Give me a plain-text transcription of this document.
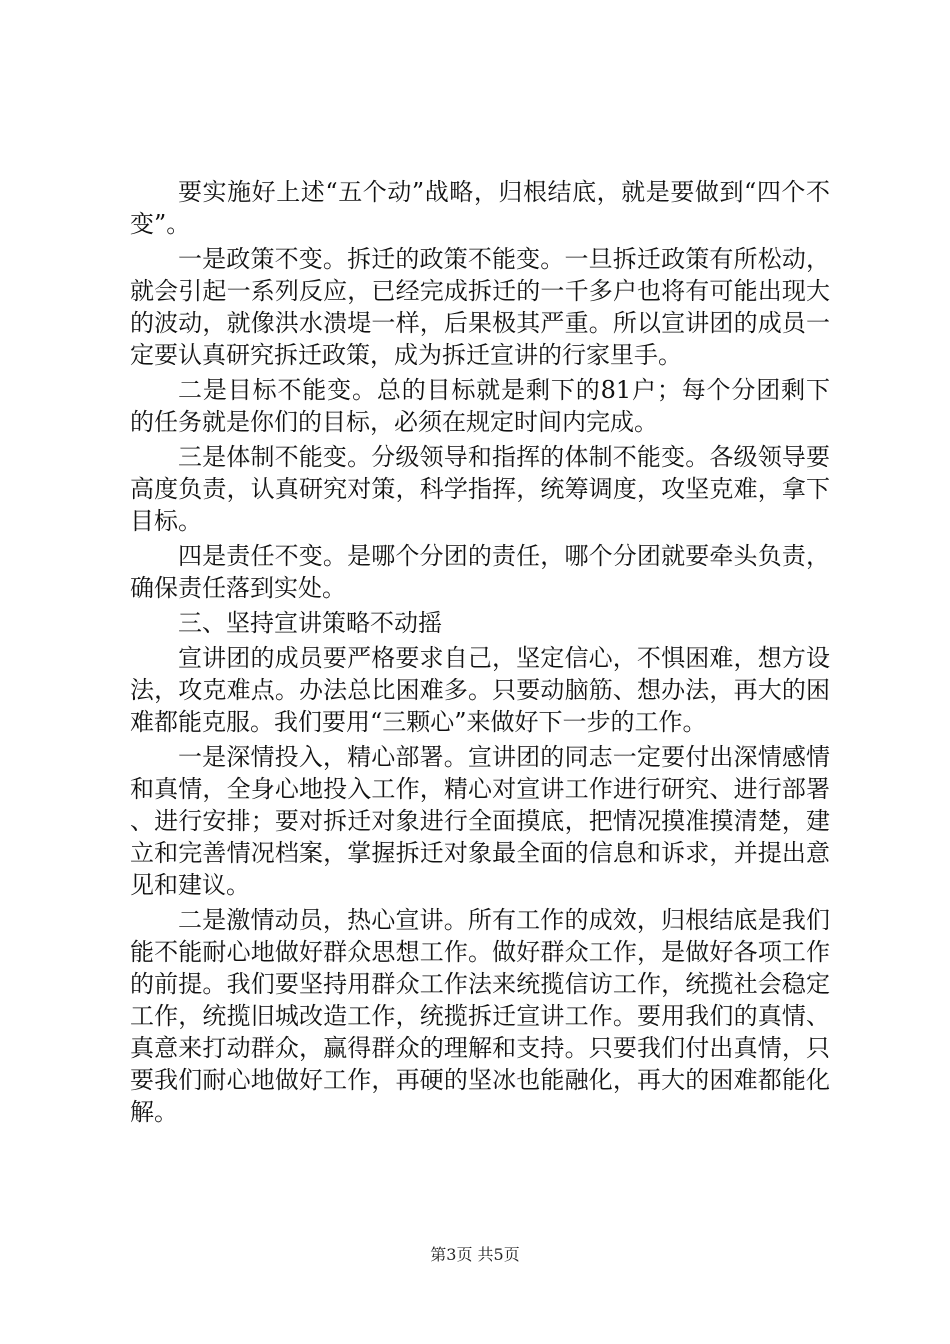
要实施好上述“五个动”战略，归根结底，就是要做到“四个不变”。

一是政策不变。拆迁的政策不能变。一旦拆迁政策有所松动，就会引起一系列反应，已经完成拆迁的一千多户也将有可能出现大的波动，就像洪水溃堤一样，后果极其严重。所以宣讲团的成员一定要认真研究拆迁政策，成为拆迁宣讲的行家里手。

二是目标不能变。总的目标就是剩下的81户；每个分团剩下的任务就是你们的目标，必须在规定时间内完成。

三是体制不能变。分级领导和指挥的体制不能变。各级领导要高度负责，认真研究对策，科学指挥，统筹调度，攻坚克难，拿下目标。

四是责任不变。是哪个分团的责任，哪个分团就要牵头负责，确保责任落到实处。

三、坚持宣讲策略不动摇

宣讲团的成员要严格要求自己，坚定信心，不惧困难，想方设法，攻克难点。办法总比困难多。只要动脑筋、想办法，再大的困难都能克服。我们要用“三颗心”来做好下一步的工作。

一是深情投入，精心部署。宣讲团的同志一定要付出深情感情和真情，全身心地投入工作，精心对宣讲工作进行研究、进行部署、进行安排；要对拆迁对象进行全面摸底，把情况摸准摸清楚，建立和完善情况档案，掌握拆迁对象最全面的信息和诉求，并提出意见和建议。

二是激情动员，热心宣讲。所有工作的成效，归根结底是我们能不能耐心地做好群众思想工作。做好群众工作，是做好各项工作的前提。我们要坚持用群众工作法来统揽信访工作，统揽社会稳定工作，统揽旧城改造工作，统揽拆迁宣讲工作。要用我们的真情、真意来打动群众，赢得群众的理解和支持。只要我们付出真情，只要我们耐心地做好工作，再硬的坚冰也能融化，再大的困难都能化解。

第3页 共5页
